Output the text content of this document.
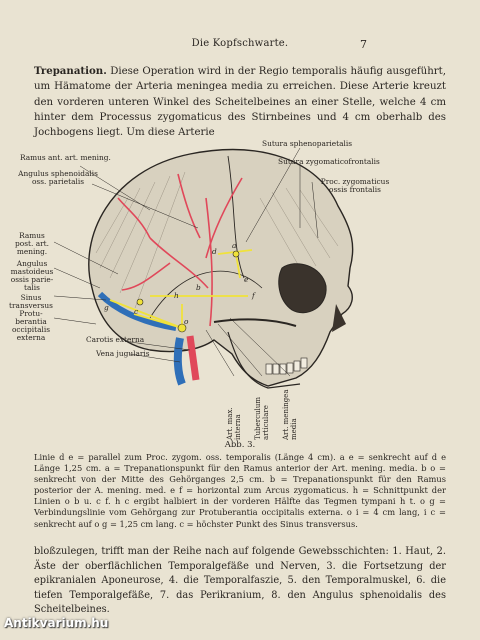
Die Kopfschwarte.	7
Trepanation. Diese Operation wird in der Regio temporalis häufig ausgeführt, um Hämatome der Arteria meningea media zu erreichen. Diese Arterie kreuzt den vorderen unteren Winkel des Scheitelbeines an einer Stelle, welche 4 cm hinter dem Processus zygomaticus des Stirnbeines und 4 cm oberhalb des Jochbogens liegt. Um diese Arterie
Ramus ant. art. mening.
Angulus sphenoidalis
oss. parietalis
Ramus
post. art.
mening.
Angulus
mastoideus
ossis parie-
talis
Sinus
transversus
Protu-
berantia
occipitalis
externa
Sutura sphenoparietalis
Sutura zygomaticofrontalis
Proc. zygomaticus
ossis frontalis
Carotis externa
Vena jugularis
Art. max.
interna Tuberculum
articulare Art. meningea
media
a
b
c
d
e
f
h
o
g
Abb. 3.
Linie d e = parallel zum Proc. zygom. oss. temporalis (Länge 4 cm). a e = senkrecht auf d e Länge 1,25 cm. a = Trepanationspunkt für den Ramus anterior der Art. mening. media. b o = senkrecht von der Mitte des Gehörganges 2,5 cm. b = Trepanationspunkt für den Ramus posterior der A. mening. med. e f = horizontal zum Arcus zygomaticus. h = Schnittpunkt der Linien o b u. c f. h c ergibt halbiert in der vorderen Hälfte das Tegmen tympani h t. o g = Verbindungslinie vom Gehörgang zur Protuberantia occipitalis externa. o i = 4 cm lang, i c = senkrecht auf o g = 1,25 cm lang. c = höchster Punkt des Sinus transversus.
bloßzulegen, trifft man der Reihe nach auf folgende Gewebsschichten: 1. Haut, 2. Äste der oberflächlichen Temporalgefäße und Nerven, 3. die Fortsetzung der epikranialen Aponeurose, 4. die Temporalfaszie, 5. den Temporalmuskel, 6. die tiefen Temporalgefäße, 7. das Perikranium, 8. den Angulus sphenoidalis des Scheitelbeines.
Antikvarium.hu
